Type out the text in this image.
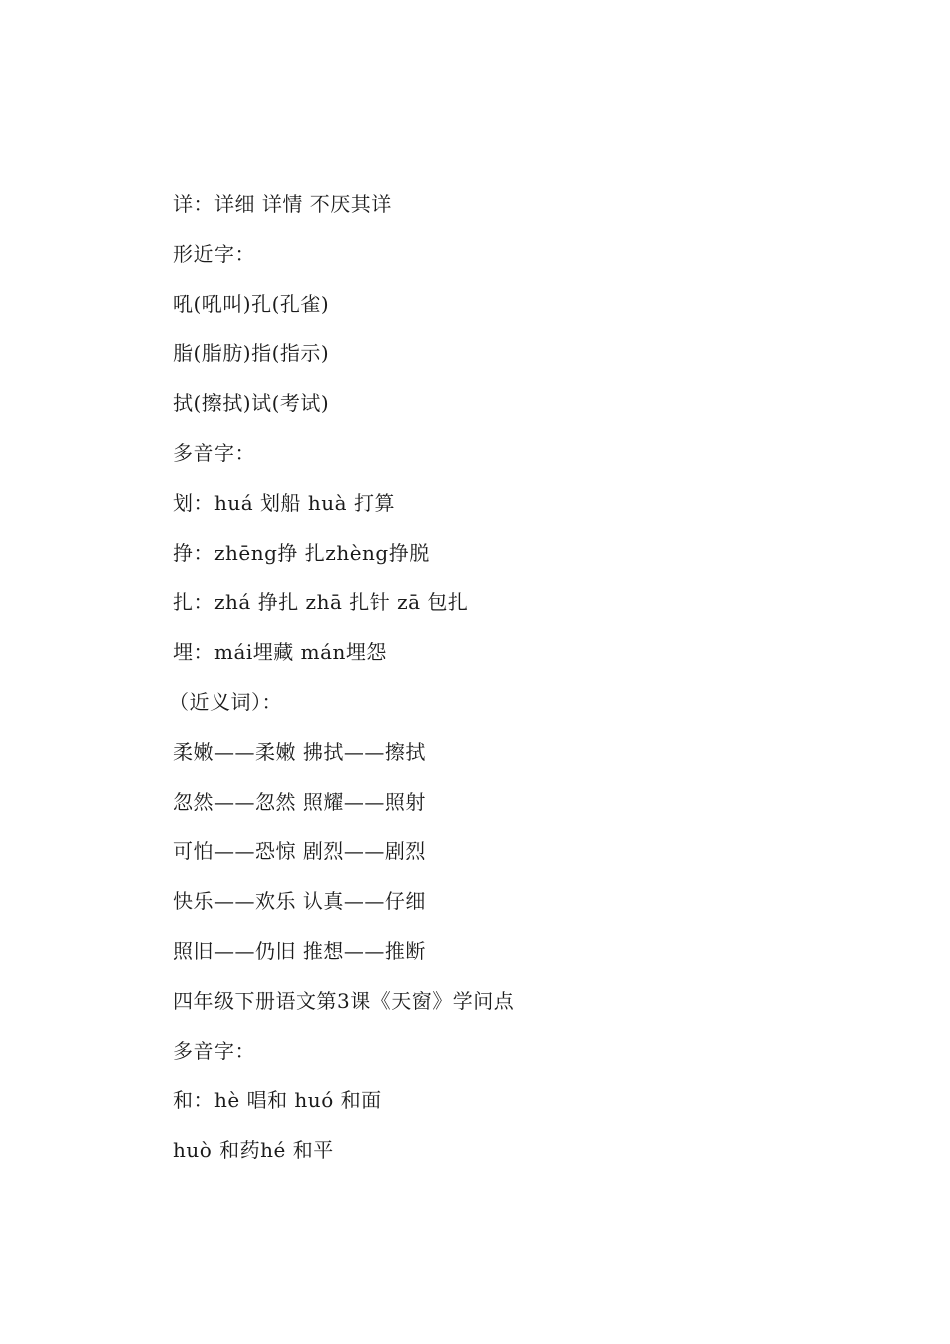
详：详细 详情 不厌其详
形近字：
吼(吼叫)孔(孔雀)
脂(脂肪)指(指示)
拭(擦拭)试(考试)
多音字：
划：huá 划船 huà 打算
挣：zhēng挣 扎zhèng挣脱
扎：zhá 挣扎 zhā 扎针 zā 包扎
埋：mái埋藏 mán埋怨
（近义词）：
柔嫩——柔嫩 拂拭——擦拭
忽然——忽然 照耀——照射
可怕——恐惊 剧烈——剧烈
快乐——欢乐 认真——仔细
照旧——仍旧 推想——推断
四年级下册语文第3课《天窗》学问点
多音字：
和：hè 唱和 huó 和面
huò 和药hé 和平
